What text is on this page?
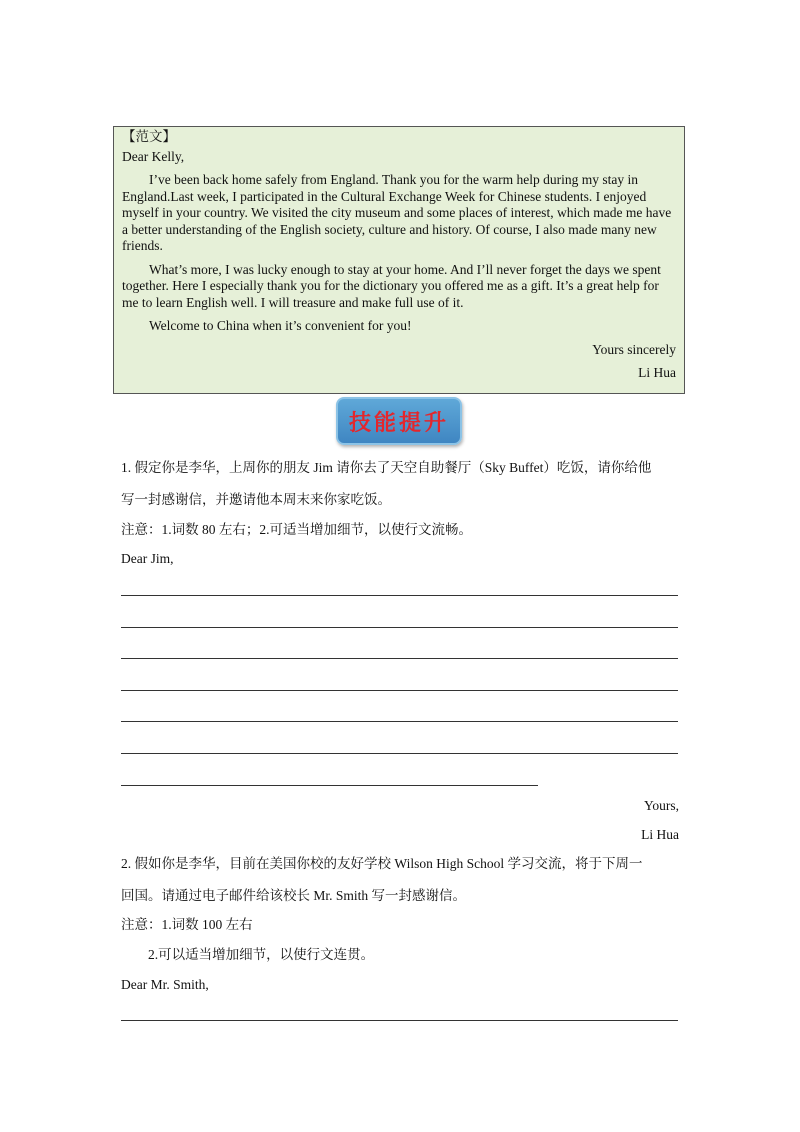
【范文】

Dear Kelly,

I’ve been back home safely from England. Thank you for the warm help during my stay in England.Last week, I participated in the Cultural Exchange Week for Chinese students. I enjoyed myself in your country. We visited the city museum and some places of interest, which made me have a better understanding of the English society, culture and history. Of course, I also made many new friends.

What’s more, I was lucky enough to stay at your home. And I’ll never forget the days we spent together. Here I especially thank you for the dictionary you offered me as a gift. It’s a great help for me to learn English well. I will treasure and make full use of it.

Welcome to China when it’s convenient for you!

Yours sincerely

Li Hua

技能提升
1. 假定你是李华，上周你的朋友 Jim 请你去了天空自助餐厅（Sky Buffet）吃饭，请你给他
写一封感谢信，并邀请他本周末来你家吃饭。
注意：1.词数 80 左右；2.可适当增加细节，以使行文流畅。
Dear Jim,
Yours,
Li Hua
2. 假如你是李华，目前在美国你校的友好学校 Wilson High School 学习交流，将于下周一
回国。请通过电子邮件给该校长 Mr. Smith 写一封感谢信。
注意：1.词数 100 左右
2.可以适当增加细节，以使行文连贯。
Dear Mr. Smith,
